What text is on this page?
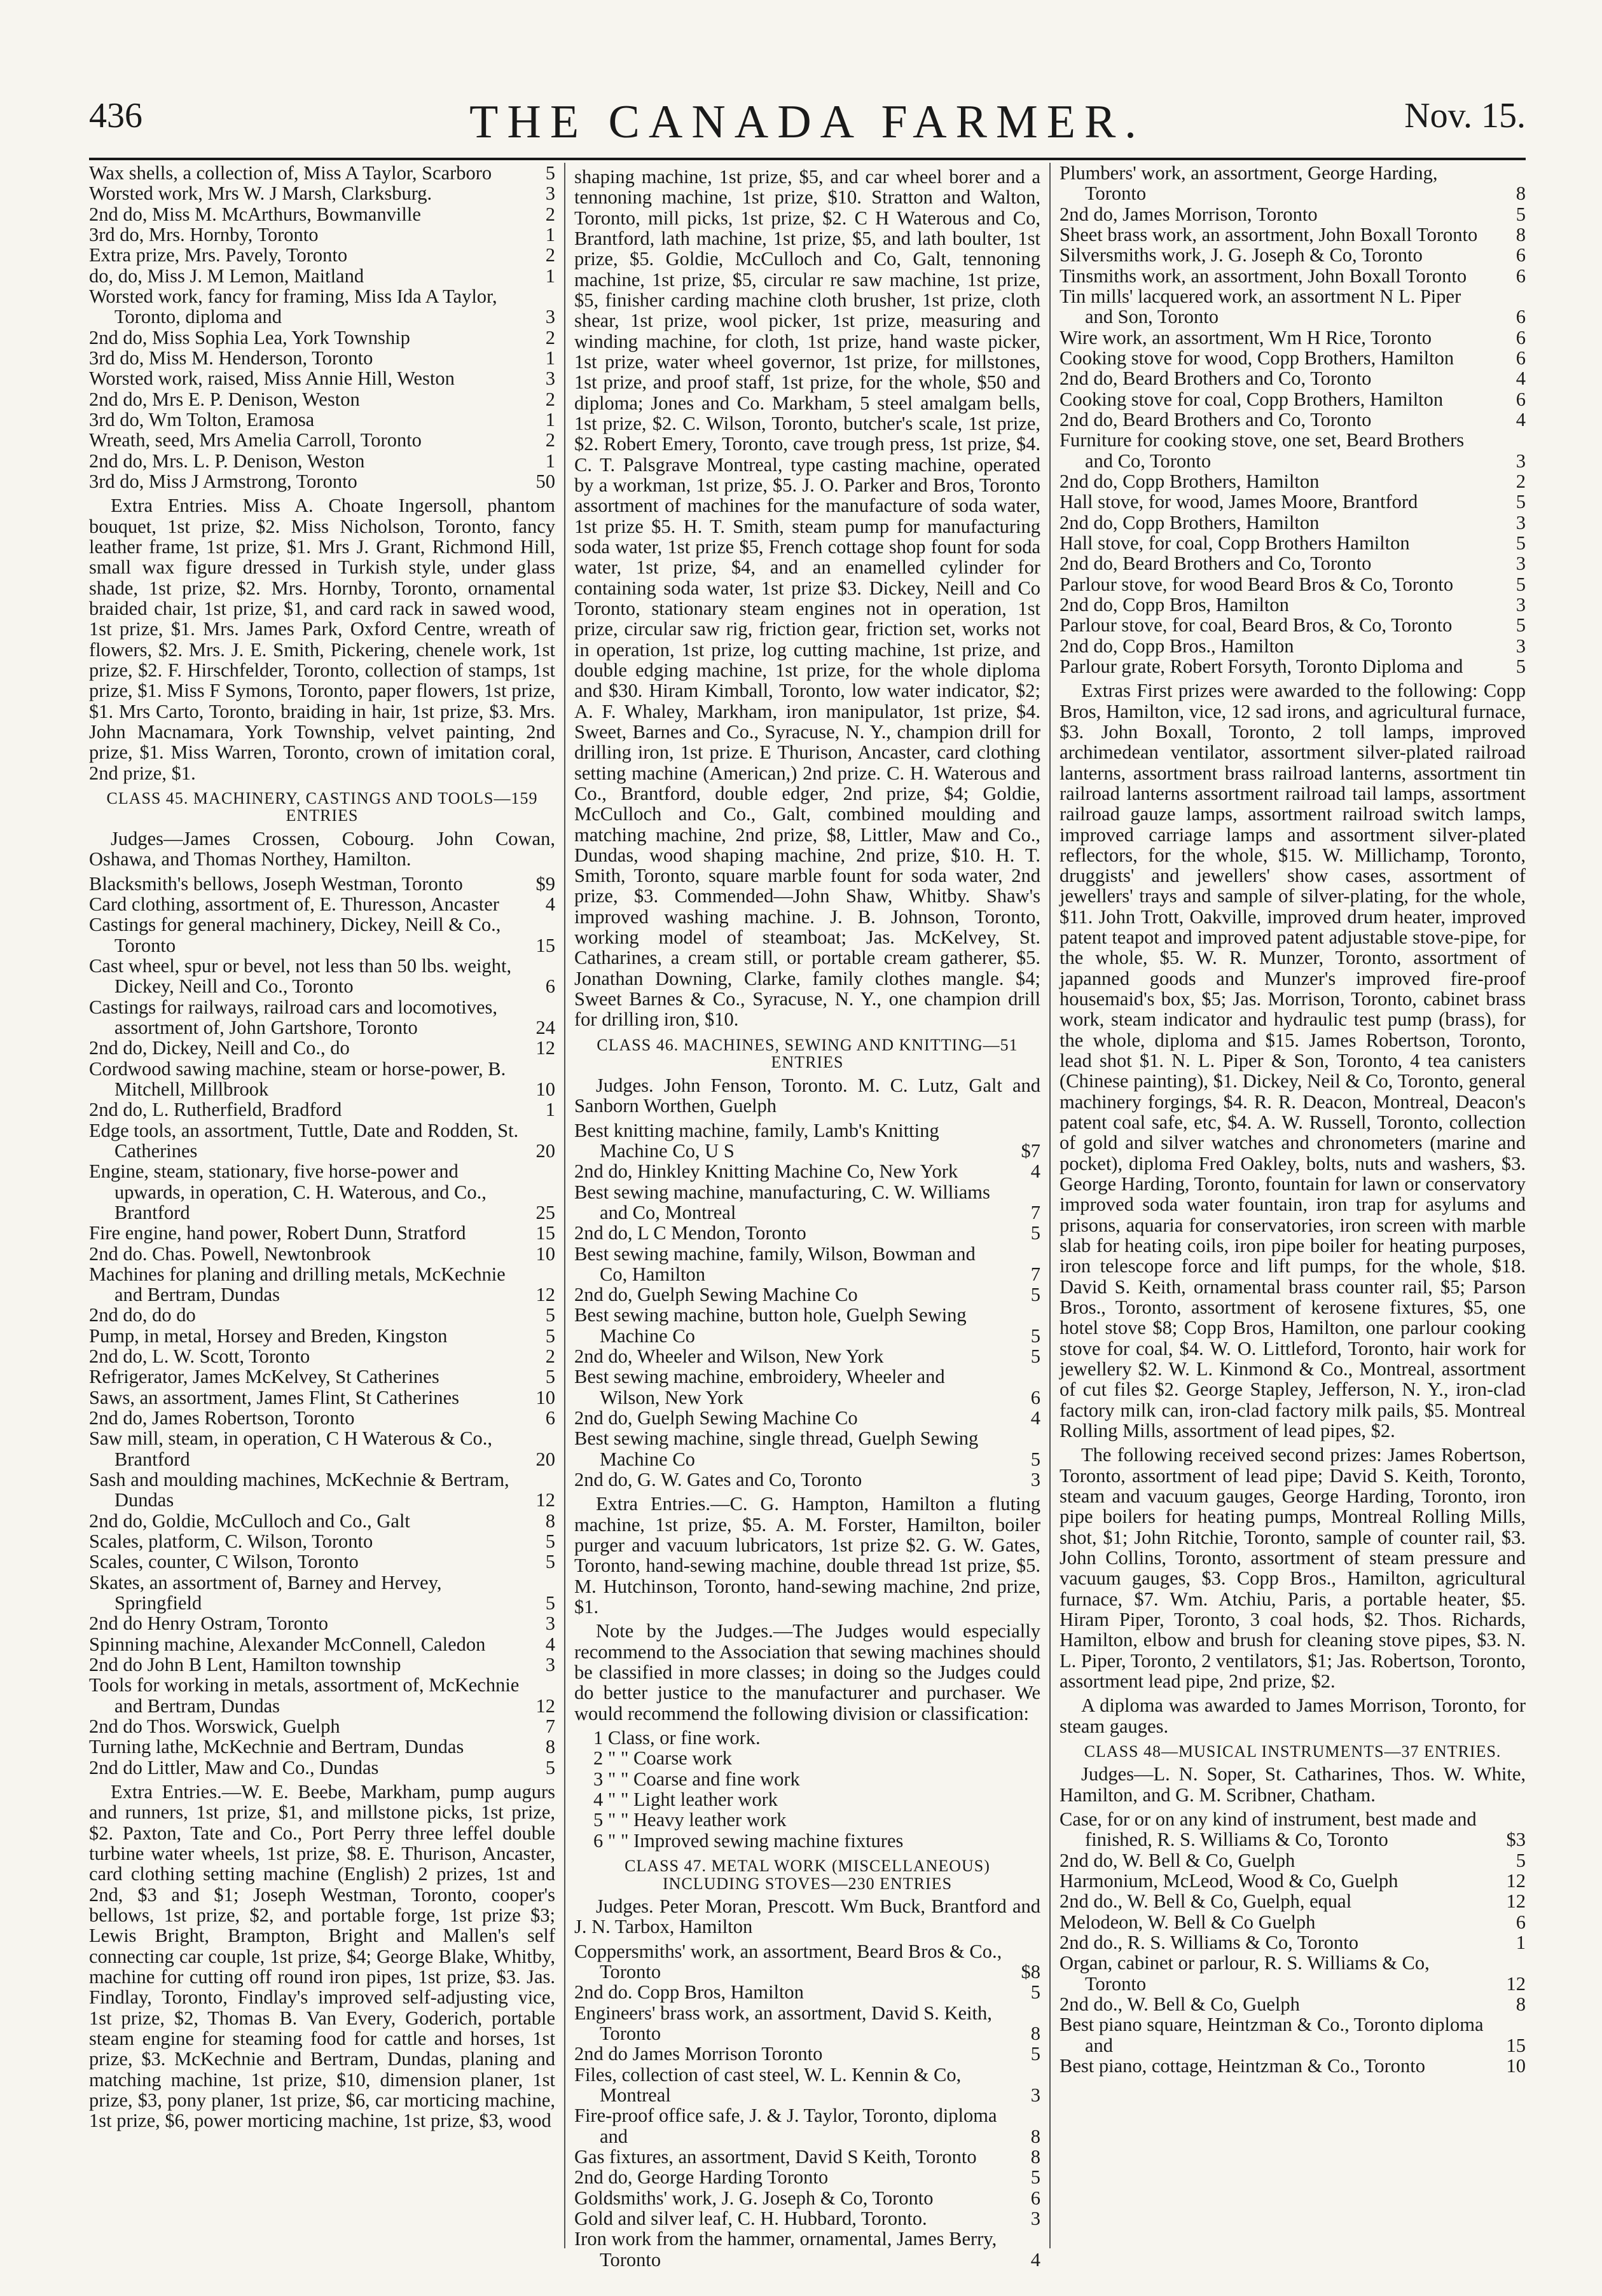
436	THE CANADA FARMER.	Nov. 15.
Wax shells, a collection of, Miss A Taylor, Scarboro	5
Worsted work, Mrs W. J Marsh, Clarksburg.	3
2nd do, Miss M. McArthurs, Bowmanville	2
3rd do, Mrs. Hornby, Toronto	1
Extra prize, Mrs. Pavely, Toronto	2
do, do, Miss J. M Lemon, Maitland	1
Worsted work, fancy for framing, Miss Ida A Taylor, Toronto, diploma and	3
2nd do, Miss Sophia Lea, York Township	2
3rd do, Miss M. Henderson, Toronto	1
Worsted work, raised, Miss Annie Hill, Weston	3
2nd do, Mrs E. P. Denison, Weston	2
3rd do, Wm Tolton, Eramosa	1
Wreath, seed, Mrs Amelia Carroll, Toronto	2
2nd do, Mrs. L. P. Denison, Weston	1
3rd do, Miss J Armstrong, Toronto	50

Extra Entries. Miss A. Choate Ingersoll, phantom bouquet, 1st prize, $2. Miss Nicholson, Toronto, fancy leather frame, 1st prize, $1. Mrs J. Grant, Richmond Hill, small wax figure dressed in Turkish style, under glass shade, 1st prize, $2. Mrs. Hornby, Toronto, ornamental braided chair, 1st prize, $1, and card rack in sawed wood, 1st prize, $1. Mrs. James Park, Oxford Centre, wreath of flowers, $2. Mrs. J. E. Smith, Pickering, chenele work, 1st prize, $2. F. Hirschfelder, Toronto, collection of stamps, 1st prize, $1. Miss F Symons, Toronto, paper flowers, 1st prize, $1. Mrs Carto, Toronto, braiding in hair, 1st prize, $3. Mrs. John Macnamara, York Township, velvet painting, 2nd prize, $1. Miss Warren, Toronto, crown of imitation coral, 2nd prize, $1.

CLASS 45. MACHINERY, CASTINGS AND TOOLS—159 ENTRIES

Judges—James Crossen, Cobourg. John Cowan, Oshawa, and Thomas Northey, Hamilton.

Blacksmith's bellows, Joseph Westman, Toronto	$9
Card clothing, assortment of, E. Thuresson, Ancaster	4
Castings for general machinery, Dickey, Neill & Co., Toronto	15
Cast wheel, spur or bevel, not less than 50 lbs. weight, Dickey, Neill and Co., Toronto	6
Castings for railways, railroad cars and locomotives, assortment of, John Gartshore, Toronto	24
2nd do, Dickey, Neill and Co., do	12
Cordwood sawing machine, steam or horse-power, B. Mitchell, Millbrook	10
2nd do, L. Rutherfield, Bradford	1
Edge tools, an assortment, Tuttle, Date and Rodden, St. Catherines	20
Engine, steam, stationary, five horse-power and upwards, in operation, C. H. Waterous, and Co., Brantford	25
Fire engine, hand power, Robert Dunn, Stratford	15
2nd do. Chas. Powell, Newtonbrook	10
Machines for planing and drilling metals, McKechnie and Bertram, Dundas	12
2nd do, do do	5
Pump, in metal, Horsey and Breden, Kingston	5
2nd do, L. W. Scott, Toronto	2
Refrigerator, James McKelvey, St Catherines	5
Saws, an assortment, James Flint, St Catherines	10
2nd do, James Robertson, Toronto	6
Saw mill, steam, in operation, C H Waterous & Co., Brantford	20
Sash and moulding machines, McKechnie & Bertram, Dundas	12
2nd do, Goldie, McCulloch and Co., Galt	8
Scales, platform, C. Wilson, Toronto	5
Scales, counter, C Wilson, Toronto	5
Skates, an assortment of, Barney and Hervey, Springfield	5
2nd do Henry Ostram, Toronto	3
Spinning machine, Alexander McConnell, Caledon	4
2nd do John B Lent, Hamilton township	3
Tools for working in metals, assortment of, McKechnie and Bertram, Dundas	12
2nd do Thos. Worswick, Guelph	7
Turning lathe, McKechnie and Bertram, Dundas	8
2nd do Littler, Maw and Co., Dundas	5

Extra Entries.—W. E. Beebe, Markham, pump augurs and runners, 1st prize, $1, and millstone picks, 1st prize, $2. Paxton, Tate and Co., Port Perry three leffel double turbine water wheels, 1st prize, $8. E. Thurison, Ancaster, card clothing setting machine (English) 2 prizes, 1st and 2nd, $3 and $1; Joseph Westman, Toronto, cooper's bellows, 1st prize, $2, and portable forge, 1st prize $3; Lewis Bright, Brampton, Bright and Mallen's self connecting car couple, 1st prize, $4; George Blake, Whitby, machine for cutting off round iron pipes, 1st prize, $3. Jas. Findlay, Toronto, Findlay's improved self-adjusting vice, 1st prize, $2, Thomas B. Van Every, Goderich, portable steam engine for steaming food for cattle and horses, 1st prize, $3. McKechnie and Bertram, Dundas, planing and matching machine, 1st prize, $10, dimension planer, 1st prize, $3, pony planer, 1st prize, $6, car morticing machine, 1st prize, $6, power morticing machine, 1st prize, $3, wood

shaping machine, 1st prize, $5, and car wheel borer and a tennoning machine, 1st prize, $10. Stratton and Walton, Toronto, mill picks, 1st prize, $2. C H Waterous and Co, Brantford, lath machine, 1st prize, $5, and lath boulter, 1st prize, $5. Goldie, McCulloch and Co, Galt, tennoning machine, 1st prize, $5, circular re saw machine, 1st prize, $5, finisher carding machine cloth brusher, 1st prize, cloth shear, 1st prize, wool picker, 1st prize, measuring and winding machine, for cloth, 1st prize, hand waste picker, 1st prize, water wheel governor, 1st prize, for millstones, 1st prize, and proof staff, 1st prize, for the whole, $50 and diploma; Jones and Co. Markham, 5 steel amalgam bells, 1st prize, $2. C. Wilson, Toronto, butcher's scale, 1st prize, $2. Robert Emery, Toronto, cave trough press, 1st prize, $4. C. T. Palsgrave Montreal, type casting machine, operated by a workman, 1st prize, $5. J. O. Parker and Bros, Toronto assortment of machines for the manufacture of soda water, 1st prize $5. H. T. Smith, steam pump for manufacturing soda water, 1st prize $5, French cottage shop fount for soda water, 1st prize, $4, and an enamelled cylinder for containing soda water, 1st prize $3. Dickey, Neill and Co Toronto, stationary steam engines not in operation, 1st prize, circular saw rig, friction gear, friction set, works not in operation, 1st prize, log cutting machine, 1st prize, and double edging machine, 1st prize, for the whole diploma and $30. Hiram Kimball, Toronto, low water indicator, $2; A. F. Whaley, Markham, iron manipulator, 1st prize, $4. Sweet, Barnes and Co., Syracuse, N. Y., champion drill for drilling iron, 1st prize. E Thurison, Ancaster, card clothing setting machine (American,) 2nd prize. C. H. Waterous and Co., Brantford, double edger, 2nd prize, $4; Goldie, McCulloch and Co., Galt, combined moulding and matching machine, 2nd prize, $8, Littler, Maw and Co., Dundas, wood shaping machine, 2nd prize, $10. H. T. Smith, Toronto, square marble fount for soda water, 2nd prize, $3. Commended—John Shaw, Whitby. Shaw's improved washing machine. J. B. Johnson, Toronto, working model of steamboat; Jas. McKelvey, St. Catharines, a cream still, or portable cream gatherer, $5. Jonathan Downing, Clarke, family clothes mangle. $4; Sweet Barnes & Co., Syracuse, N. Y., one champion drill for drilling iron, $10.

CLASS 46. MACHINES, SEWING AND KNITTING—51 ENTRIES

Judges. John Fenson, Toronto. M. C. Lutz, Galt and Sanborn Worthen, Guelph

Best knitting machine, family, Lamb's Knitting Machine Co, U S	$7
2nd do, Hinkley Knitting Machine Co, New York	4
Best sewing machine, manufacturing, C. W. Williams and Co, Montreal	7
2nd do, L C Mendon, Toronto	5
Best sewing machine, family, Wilson, Bowman and Co, Hamilton	7
2nd do, Guelph Sewing Machine Co	5
Best sewing machine, button hole, Guelph Sewing Machine Co	5
2nd do, Wheeler and Wilson, New York	5
Best sewing machine, embroidery, Wheeler and Wilson, New York	6
2nd do, Guelph Sewing Machine Co	4
Best sewing machine, single thread, Guelph Sewing Machine Co	5
2nd do, G. W. Gates and Co, Toronto	3

Extra Entries.—C. G. Hampton, Hamilton a fluting machine, 1st prize, $5. A. M. Forster, Hamilton, boiler purger and vacuum lubricators, 1st prize $2. G. W. Gates, Toronto, hand-sewing machine, double thread 1st prize, $5. M. Hutchinson, Toronto, hand-sewing machine, 2nd prize, $1.

Note by the Judges.—The Judges would especially recommend to the Association that sewing machines should be classified in more classes; in doing so the Judges could do better justice to the manufacturer and purchaser. We would recommend the following division or classification:

1 Class, or fine work.
2 " " Coarse work
3 " " Coarse and fine work
4 " " Light leather work
5 " " Heavy leather work
6 " " Improved sewing machine fixtures
CLASS 47. METAL WORK (MISCELLANEOUS) INCLUDING STOVES—230 ENTRIES

Judges. Peter Moran, Prescott. Wm Buck, Brantford and J. N. Tarbox, Hamilton

Coppersmiths' work, an assortment, Beard Bros & Co., Toronto	$8
2nd do. Copp Bros, Hamilton	5
Engineers' brass work, an assortment, David S. Keith, Toronto	8
2nd do James Morrison Toronto	5
Files, collection of cast steel, W. L. Kennin & Co, Montreal	3
Fire-proof office safe, J. & J. Taylor, Toronto, diploma and	8
Gas fixtures, an assortment, David S Keith, Toronto	8
2nd do, George Harding Toronto	5
Goldsmiths' work, J. G. Joseph & Co, Toronto	6
Gold and silver leaf, C. H. Hubbard, Toronto.	3
Iron work from the hammer, ornamental, James Berry, Toronto	4
Plumbers' work, an assortment, George Harding, Toronto	8
2nd do, James Morrison, Toronto	5
Sheet brass work, an assortment, John Boxall Toronto	8
Silversmiths work, J. G. Joseph & Co, Toronto	6
Tinsmiths work, an assortment, John Boxall Toronto	6
Tin mills' lacquered work, an assortment N L. Piper and Son, Toronto	6
Wire work, an assortment, Wm H Rice, Toronto	6
Cooking stove for wood, Copp Brothers, Hamilton	6
2nd do, Beard Brothers and Co, Toronto	4
Cooking stove for coal, Copp Brothers, Hamilton	6
2nd do, Beard Brothers and Co, Toronto	4
Furniture for cooking stove, one set, Beard Brothers and Co, Toronto	3
2nd do, Copp Brothers, Hamilton	2
Hall stove, for wood, James Moore, Brantford	5
2nd do, Copp Brothers, Hamilton	3
Hall stove, for coal, Copp Brothers Hamilton	5
2nd do, Beard Brothers and Co, Toronto	3
Parlour stove, for wood Beard Bros & Co, Toronto	5
2nd do, Copp Bros, Hamilton	3
Parlour stove, for coal, Beard Bros, & Co, Toronto	5
2nd do, Copp Bros., Hamilton	3
Parlour grate, Robert Forsyth, Toronto Diploma and	5

Extras First prizes were awarded to the following: Copp Bros, Hamilton, vice, 12 sad irons, and agricultural furnace, $3. John Boxall, Toronto, 2 toll lamps, improved archimedean ventilator, assortment silver-plated railroad lanterns, assortment brass railroad lanterns, assortment tin railroad lanterns assortment railroad tail lamps, assortment railroad gauze lamps, assortment railroad switch lamps, improved carriage lamps and assortment silver-plated reflectors, for the whole, $15. W. Millichamp, Toronto, druggists' and jewellers' show cases, assortment of jewellers' trays and sample of silver-plating, for the whole, $11. John Trott, Oakville, improved drum heater, improved patent teapot and improved patent adjustable stove-pipe, for the whole, $5. W. R. Munzer, Toronto, assortment of japanned goods and Munzer's improved fire-proof housemaid's box, $5; Jas. Morrison, Toronto, cabinet brass work, steam indicator and hydraulic test pump (brass), for the whole, diploma and $15. James Robertson, Toronto, lead shot $1. N. L. Piper & Son, Toronto, 4 tea canisters (Chinese painting), $1. Dickey, Neil & Co, Toronto, general machinery forgings, $4. R. R. Deacon, Montreal, Deacon's patent coal safe, etc, $4. A. W. Russell, Toronto, collection of gold and silver watches and chronometers (marine and pocket), diploma Fred Oakley, bolts, nuts and washers, $3. George Harding, Toronto, fountain for lawn or conservatory improved soda water fountain, iron trap for asylums and prisons, aquaria for conservatories, iron screen with marble slab for heating coils, iron pipe boiler for heating purposes, iron telescope force and lift pumps, for the whole, $18. David S. Keith, ornamental brass counter rail, $5; Parson Bros., Toronto, assortment of kerosene fixtures, $5, one hotel stove $8; Copp Bros, Hamilton, one parlour cooking stove for coal, $4. W. O. Littleford, Toronto, hair work for jewellery $2. W. L. Kinmond & Co., Montreal, assortment of cut files $2. George Stapley, Jefferson, N. Y., iron-clad factory milk can, iron-clad factory milk pails, $5. Montreal Rolling Mills, assortment of lead pipes, $2.

The following received second prizes: James Robertson, Toronto, assortment of lead pipe; David S. Keith, Toronto, steam and vacuum gauges, George Harding, Toronto, iron pipe boilers for heating pumps, Montreal Rolling Mills, shot, $1; John Ritchie, Toronto, sample of counter rail, $3. John Collins, Toronto, assortment of steam pressure and vacuum gauges, $3. Copp Bros., Hamilton, agricultural furnace, $7. Wm. Atchiu, Paris, a portable heater, $5. Hiram Piper, Toronto, 3 coal hods, $2. Thos. Richards, Hamilton, elbow and brush for cleaning stove pipes, $3. N. L. Piper, Toronto, 2 ventilators, $1; Jas. Robertson, Toronto, assortment lead pipe, 2nd prize, $2.

A diploma was awarded to James Morrison, Toronto, for steam gauges.

CLASS 48—MUSICAL INSTRUMENTS—37 ENTRIES.

Judges—L. N. Soper, St. Catharines, Thos. W. White, Hamilton, and G. M. Scribner, Chatham.

Case, for or on any kind of instrument, best made and finished, R. S. Williams & Co, Toronto	$3
2nd do, W. Bell & Co, Guelph	5
Harmonium, McLeod, Wood & Co, Guelph	12
2nd do., W. Bell & Co, Guelph, equal	12
Melodeon, W. Bell & Co Guelph	6
2nd do., R. S. Williams & Co, Toronto	1
Organ, cabinet or parlour, R. S. Williams & Co, Toronto	12
2nd do., W. Bell & Co, Guelph	8
Best piano square, Heintzman & Co., Toronto diploma and	15
Best piano, cottage, Heintzman & Co., Toronto	10
